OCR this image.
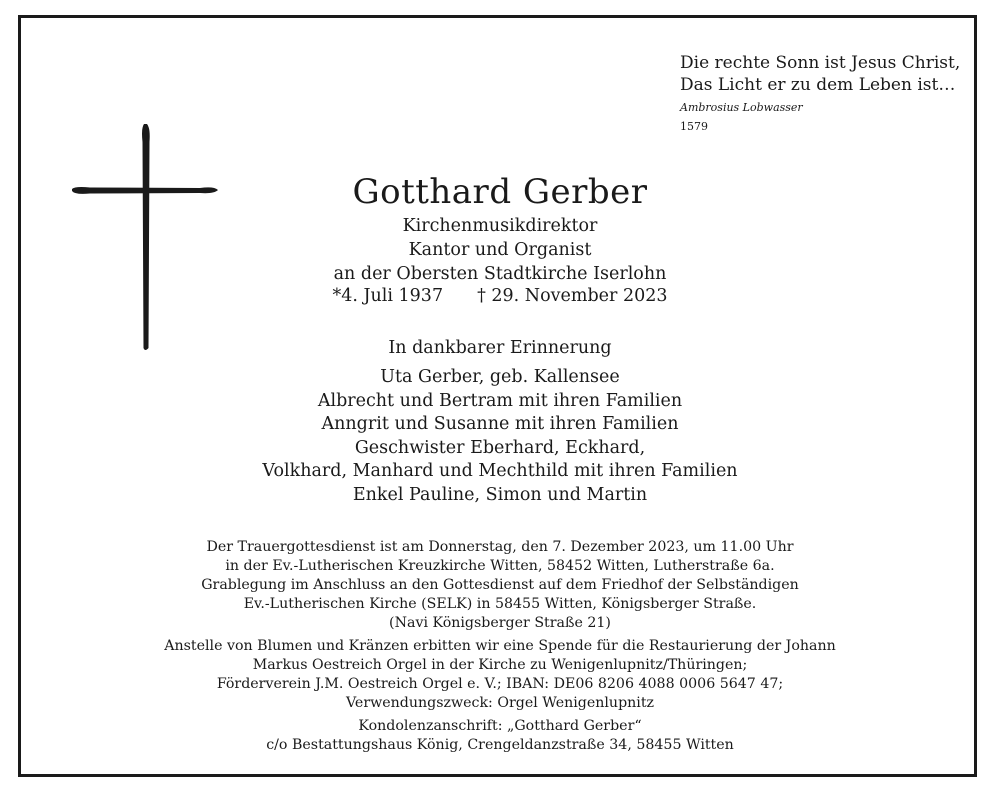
Die rechte Sonn ist Jesus Christ,
Das Licht er zu dem Leben ist…
Ambrosius Lobwasser
1579
Gotthard Gerber
Kirchenmusikdirektor
Kantor und Organist
an der Obersten Stadtkirche Iserlohn
*4. Juli 1937 † 29. November 2023
In dankbarer Erinnerung
Uta Gerber, geb. Kallensee
Albrecht und Bertram mit ihren Familien
Anngrit und Susanne mit ihren Familien
Geschwister Eberhard, Eckhard,
Volkhard, Manhard und Mechthild mit ihren Familien
Enkel Pauline, Simon und Martin
Der Trauergottesdienst ist am Donnerstag, den 7. Dezember 2023, um 11.00 Uhr
in der Ev.-Lutherischen Kreuzkirche Witten, 58452 Witten, Lutherstraße 6a.
Grablegung im Anschluss an den Gottesdienst auf dem Friedhof der Selbständigen
Ev.-Lutherischen Kirche (SELK) in 58455 Witten, Königsberger Straße.
(Navi Königsberger Straße 21)
Anstelle von Blumen und Kränzen erbitten wir eine Spende für die Restaurierung der Johann
Markus Oestreich Orgel in der Kirche zu Wenigenlupnitz/Thüringen;
Förderverein J.M. Oestreich Orgel e. V.; IBAN: DE06 8206 4088 0006 5647 47;
Verwendungszweck: Orgel Wenigenlupnitz
Kondolenzanschrift: „Gotthard Gerber“
c/o Bestattungshaus König, Crengeldanzstraße 34, 58455 Witten
